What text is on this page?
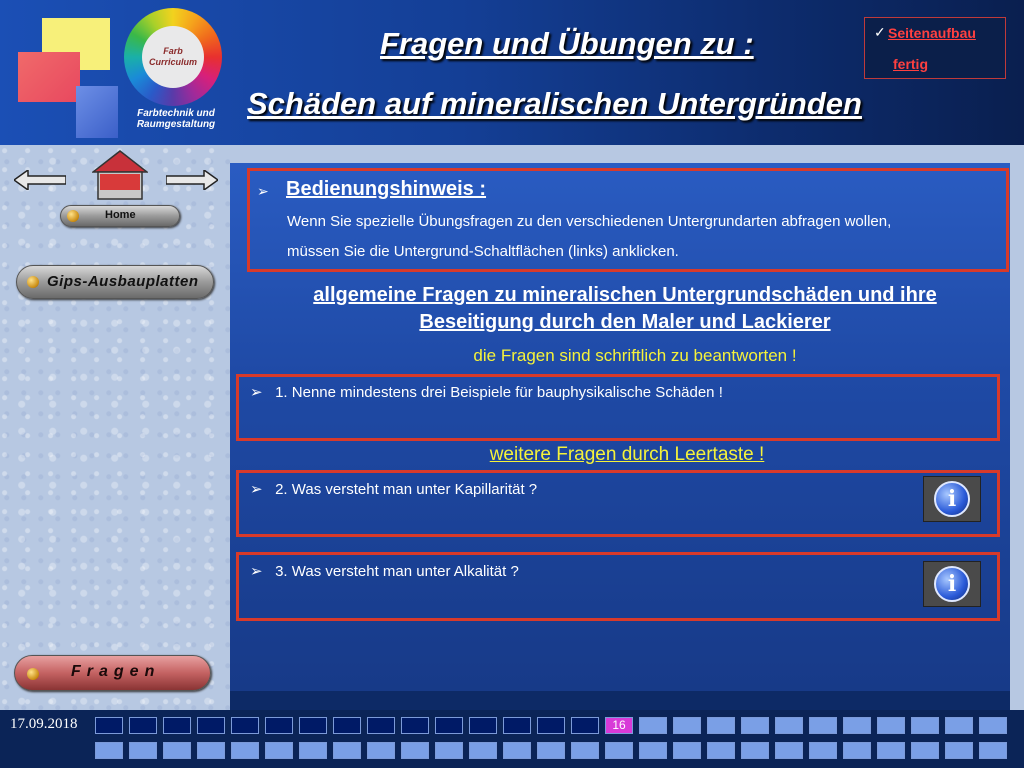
Farb
Curriculum
Farbtechnik und
Raumgestaltung
Fragen und Übungen zu :
Schäden auf mineralischen Untergründen
✓ Seitenaufbau
fertig
Home
Gips-Ausbauplatten
Fragen
➢ Bedienungshinweis :
Wenn Sie spezielle Übungsfragen zu den verschiedenen Untergrundarten abfragen wollen,
müssen Sie die Untergrund-Schaltflächen (links) anklicken.
allgemeine Fragen zu mineralischen Untergrundschäden und ihre
Beseitigung durch den Maler und Lackierer
die Fragen sind schriftlich zu beantworten !
➢ 1. Nenne mindestens drei Beispiele für bauphysikalische Schäden !
weitere Fragen durch Leertaste !
➢ 2. Was versteht man unter Kapillarität ?	i
➢ 3. Was versteht man unter Alkalität ?	i
17.09.2018	16
